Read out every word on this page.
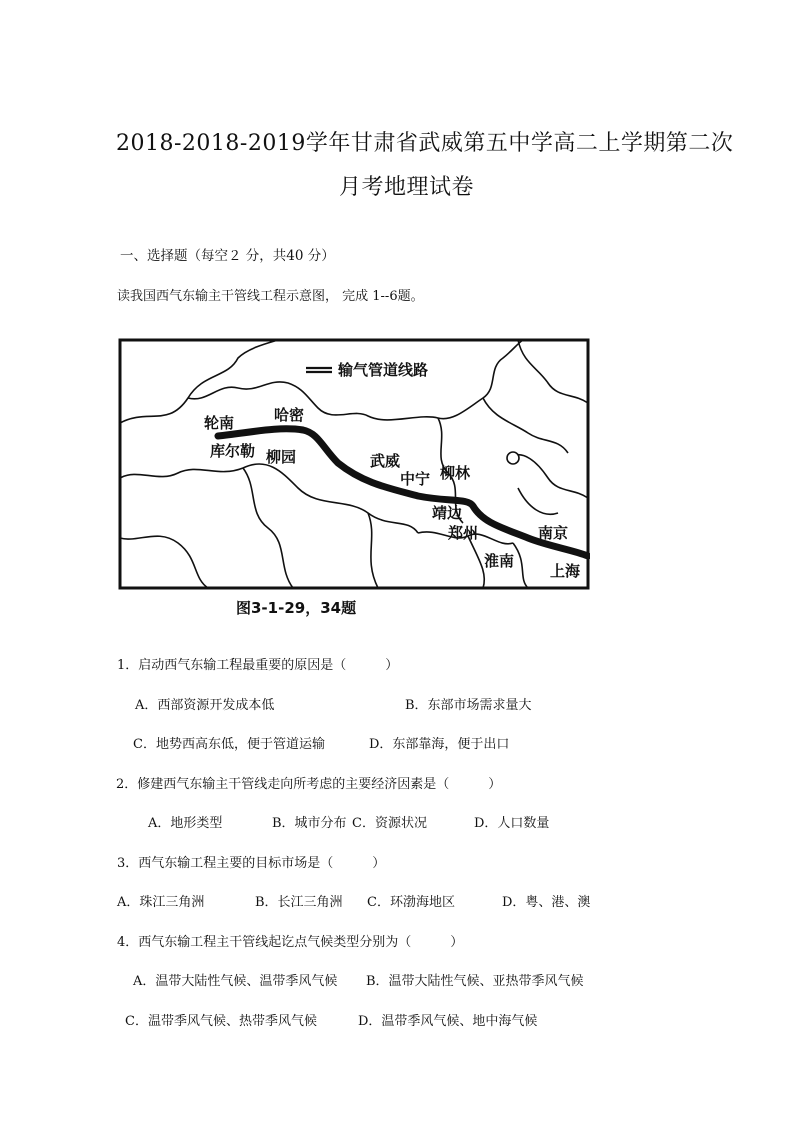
2018-2018-2019学年甘肃省武威第五中学高二上学期第二次
月考地理试卷
一、选择题（每空２ 分，共40 分）
读我国西气东输主干管线工程示意图， 完成 1--6题。
输气管道线路
轮南	哈密
库尔勒 柳园	武威
中宁 柳林
靖边
郑州
淮南
南京
上海
图3-1-29，34题
1．启动西气东输工程最重要的原因是（　　　）
A．西部资源开发成本低	B．东部市场需求量大
C．地势西高东低，便于管道运输	D．东部靠海，便于出口
2．修建西气东输主干管线走向所考虑的主要经济因素是（　　　）
A．地形类型	B．城市分布 C．资源状况	D．人口数量
3．西气东输工程主要的目标市场是（　　　）
A．珠江三角洲	B．长江三角洲 C．环渤海地区	D．粤、港、澳
4．西气东输工程主干管线起讫点气候类型分别为（　　　）
A．温带大陆性气候、温带季风气候 B．温带大陆性气候、亚热带季风气候
C．温带季风气候、热带季风气候	D．温带季风气候、地中海气候
